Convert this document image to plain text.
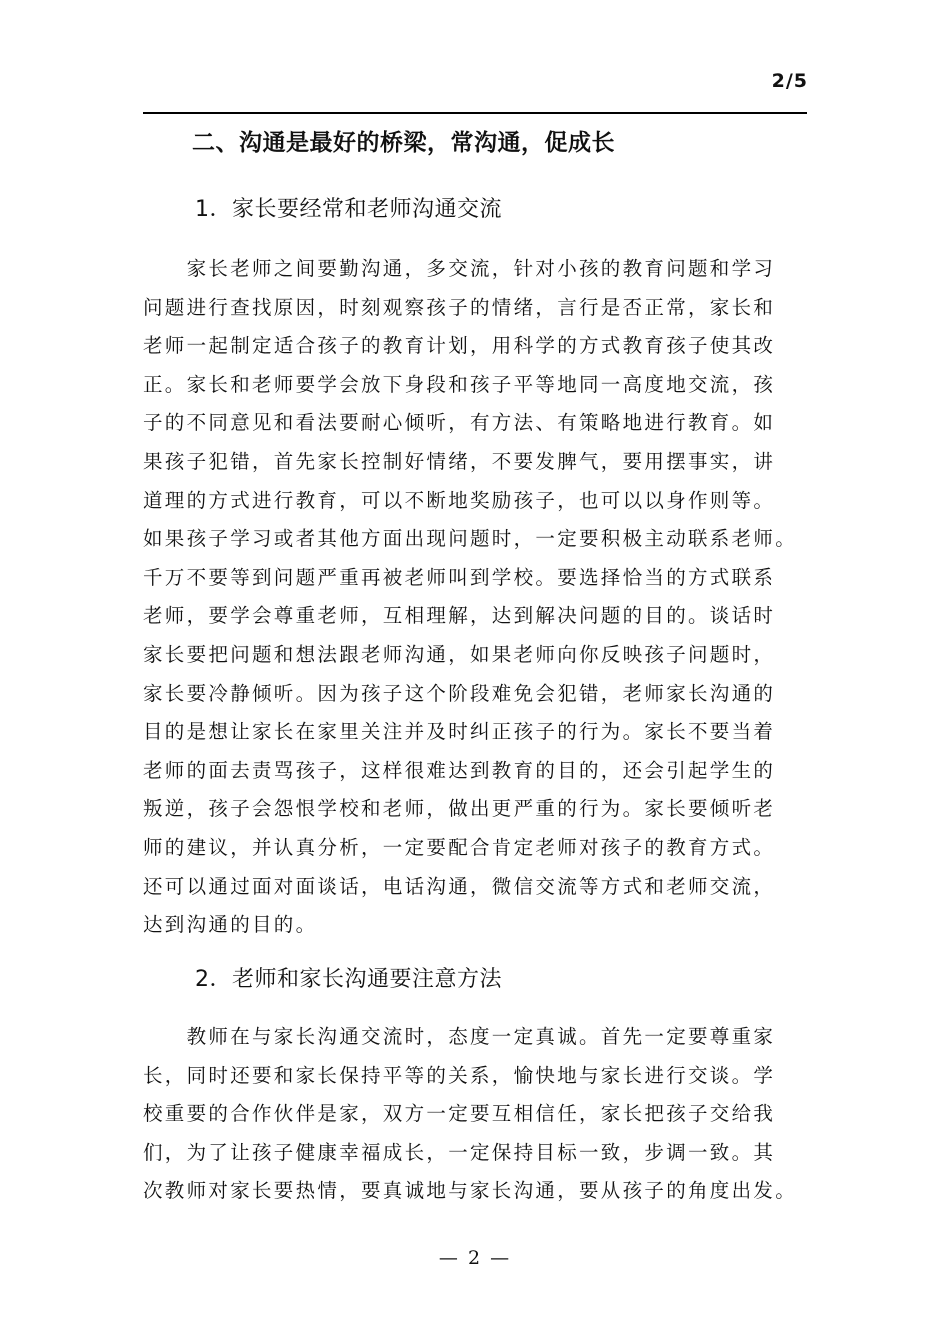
2/5
二、沟通是最好的桥梁，常沟通，促成长
1．家长要经常和老师沟通交流
　　家长老师之间要勤沟通，多交流，针对小孩的教育问题和学习
问题进行查找原因，时刻观察孩子的情绪，言行是否正常，家长和
老师一起制定适合孩子的教育计划，用科学的方式教育孩子使其改
正。家长和老师要学会放下身段和孩子平等地同一高度地交流，孩
子的不同意见和看法要耐心倾听，有方法、有策略地进行教育。如
果孩子犯错，首先家长控制好情绪，不要发脾气，要用摆事实，讲
道理的方式进行教育，可以不断地奖励孩子，也可以以身作则等。
如果孩子学习或者其他方面出现问题时，一定要积极主动联系老师。
千万不要等到问题严重再被老师叫到学校。要选择恰当的方式联系
老师，要学会尊重老师，互相理解，达到解决问题的目的。谈话时
家长要把问题和想法跟老师沟通，如果老师向你反映孩子问题时，
家长要冷静倾听。因为孩子这个阶段难免会犯错，老师家长沟通的
目的是想让家长在家里关注并及时纠正孩子的行为。家长不要当着
老师的面去责骂孩子，这样很难达到教育的目的，还会引起学生的
叛逆，孩子会怨恨学校和老师，做出更严重的行为。家长要倾听老
师的建议，并认真分析，一定要配合肯定老师对孩子的教育方式。
还可以通过面对面谈话，电话沟通，微信交流等方式和老师交流，
达到沟通的目的。
2．老师和家长沟通要注意方法
　　教师在与家长沟通交流时，态度一定真诚。首先一定要尊重家
长，同时还要和家长保持平等的关系，愉快地与家长进行交谈。学
校重要的合作伙伴是家，双方一定要互相信任，家长把孩子交给我
们，为了让孩子健康幸福成长，一定保持目标一致，步调一致。其
次教师对家长要热情，要真诚地与家长沟通，要从孩子的角度出发。
— 2 —
